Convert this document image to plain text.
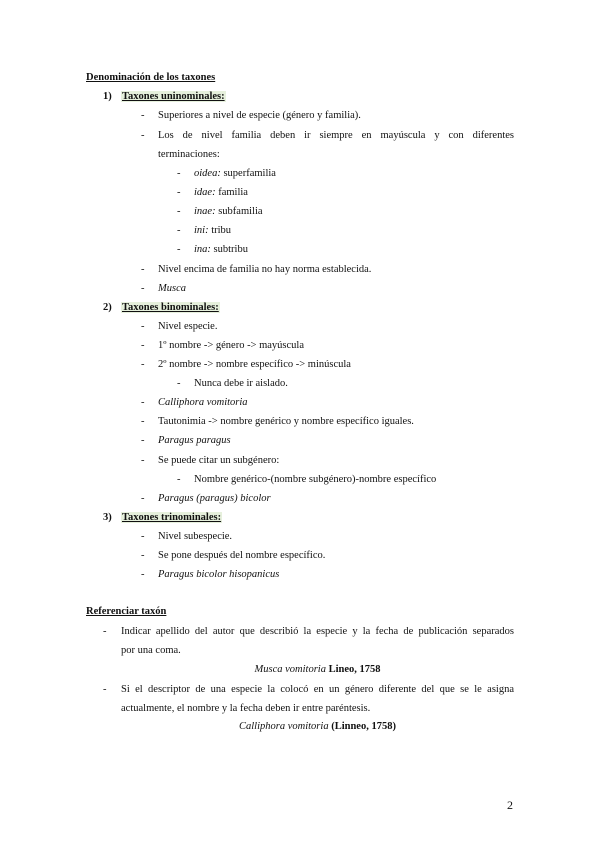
Denominación de los taxones
1) Taxones uninominales:
- Superiores a nivel de especie (género y familia).
- Los de nivel familia deben ir siempre en mayúscula y con diferentes
terminaciones:
- oidea: superfamilia
- idae: familia
- inae: subfamilia
- ini: tribu
- ina: subtribu
- Nivel encima de familia no hay norma establecida.
- Musca
2) Taxones binominales:
- Nivel especie.
- 1º nombre -> género -> mayúscula
- 2º nombre -> nombre específico -> minúscula
- Nunca debe ir aislado.
- Calliphora vomitoria
- Tautonimia -> nombre genérico y nombre específico iguales.
- Paragus paragus
- Se puede citar un subgénero:
- Nombre genérico-(nombre subgénero)-nombre específico
- Paragus (paragus) bicolor
3) Taxones trinominales:
- Nivel subespecie.
- Se pone después del nombre específico.
- Paragus bicolor hisopanicus
Referenciar taxón
- Indicar apellido del autor que describió la especie y la fecha de publicación separados
por una coma.
Musca vomitoria Lineo, 1758
- Si el descriptor de una especie la colocó en un género diferente del que se le asigna
actualmente, el nombre y la fecha deben ir entre paréntesis.
Calliphora vomitoria (Linneo, 1758)
2
